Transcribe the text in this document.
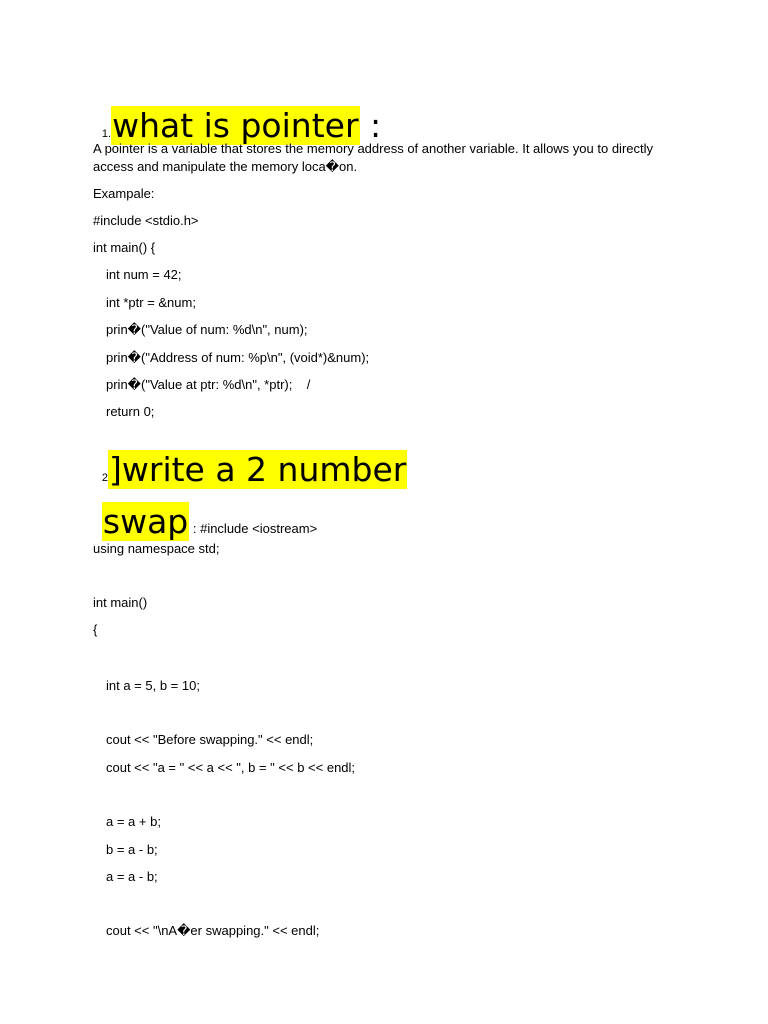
1.what is pointer :

A pointer is a variable that stores the memory address of another variable. It allows you to directly access and manipulate the memory loca�on.
Exampale:
#include <stdio.h>
int main() {
int num = 42;
int *ptr = &num;
prin�("Value of num: %d\n", num);
prin�("Address of num: %p\n", (void*)&num);
prin�("Value at ptr: %d\n", *ptr);    /
return 0;

2]write a 2 number

swap : #include <iostream>

using namespace std;
int main()
{
int a = 5, b = 10;
cout << "Before swapping." << endl;
cout << "a = " << a << ", b = " << b << endl;
a = a + b;
b = a - b;
a = a - b;
cout << "\nA�er swapping." << endl;
